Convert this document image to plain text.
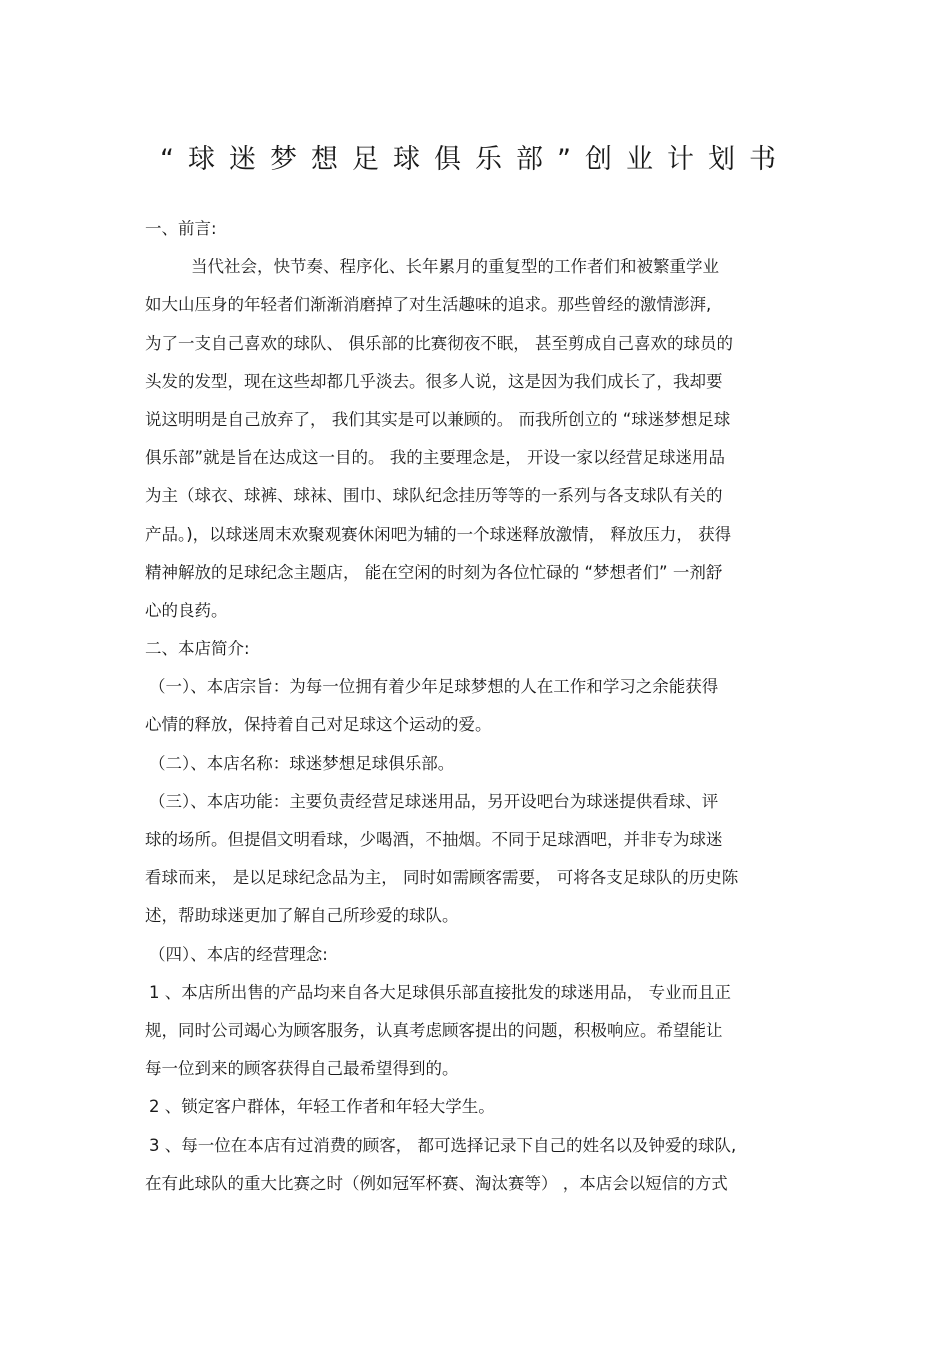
“球迷梦想足球俱乐部”创业计划书
一、前言:
当代社会，快节奏、程序化、长年累月的重复型的工作者们和被繁重学业
如大山压身的年轻者们渐渐消磨掉了对生活趣味的追求。那些曾经的激情澎湃,
为了一支自己喜欢的球队、 俱乐部的比赛彻夜不眠， 甚至剪成自己喜欢的球员的
头发的发型，现在这些却都几乎淡去。很多人说，这是因为我们成长了，我却要
说这明明是自己放弃了， 我们其实是可以兼顾的。 而我所创立的 “球迷梦想足球
俱乐部”就是旨在达成这一目的。 我的主要理念是， 开设一家以经营足球迷用品
为主（球衣、球裤、球袜、围巾、球队纪念挂历等等的一系列与各支球队有关的
产品。)，以球迷周末欢聚观赛休闲吧为辅的一个球迷释放激情， 释放压力， 获得
精神解放的足球纪念主题店， 能在空闲的时刻为各位忙碌的 “梦想者们” 一剂舒
心的良药。
二、本店简介:
（一）、本店宗旨：为每一位拥有着少年足球梦想的人在工作和学习之余能获得
心情的释放，保持着自己对足球这个运动的爱。
（二）、本店名称：球迷梦想足球俱乐部。
（三）、本店功能：主要负责经营足球迷用品，另开设吧台为球迷提供看球、评
球的场所。但提倡文明看球，少喝酒，不抽烟。不同于足球酒吧，并非专为球迷
看球而来， 是以足球纪念品为主， 同时如需顾客需要， 可将各支足球队的历史陈
述，帮助球迷更加了解自己所珍爱的球队。
（四）、本店的经营理念:
1 、本店所出售的产品均来自各大足球俱乐部直接批发的球迷用品， 专业而且正
规，同时公司竭心为顾客服务，认真考虑顾客提出的问题，积极响应。希望能让
每一位到来的顾客获得自己最希望得到的。
2 、锁定客户群体，年轻工作者和年轻大学生。
3 、每一位在本店有过消费的顾客， 都可选择记录下自己的姓名以及钟爱的球队,
在有此球队的重大比赛之时（例如冠军杯赛、淘汰赛等） ，本店会以短信的方式
